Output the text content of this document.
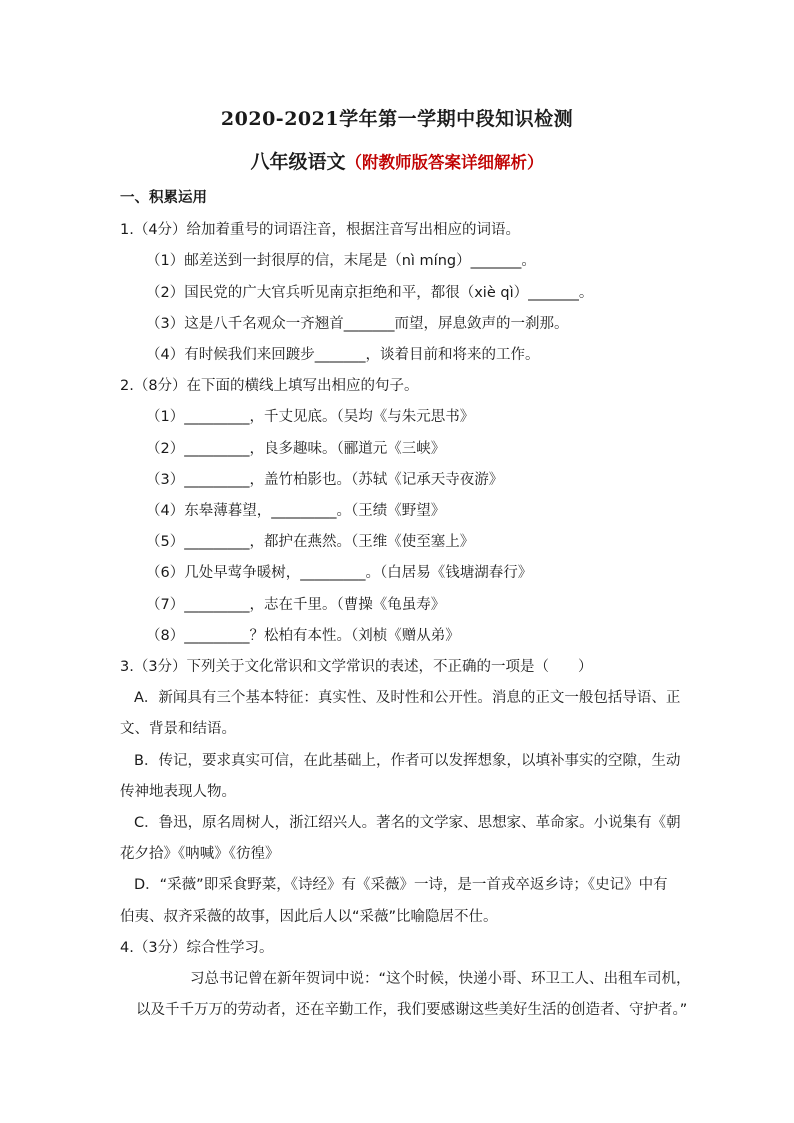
2020-2021学年第一学期中段知识检测
八年级语文（附教师版答案详细解析）
一、积累运用
1.（4分）给加着重号的词语注音，根据注音写出相应的词语。
（1）邮差送到一封很厚的信，末尾是（nì míng）_______。
（2）国民党的广大官兵听见南京拒绝和平，都很（xiè qì）_______。
（3）这是八千名观众一齐翘首_______而望，屏息敛声的一刹那。
（4）有时候我们来回踱步_______，谈着目前和将来的工作。
2.（8分）在下面的横线上填写出相应的句子。
（1）_________，千丈见底。（吴均《与朱元思书》
（2）_________，良多趣味。（郦道元《三峡》
（3）_________，盖竹柏影也。（苏轼《记承天寺夜游》
（4）东皋薄暮望，_________。（王绩《野望》
（5）_________，都护在燕然。（王维《使至塞上》
（6）几处早莺争暖树，_________。（白居易《钱塘湖春行》
（7）_________，志在千里。（曹操《龟虽寿》
（8）_________？松柏有本性。（刘桢《赠从弟》
3.（3分）下列关于文化常识和文学常识的表述，不正确的一项是（　　）
A．新闻具有三个基本特征：真实性、及时性和公开性。消息的正文一般包括导语、正
文、背景和结语。
B．传记，要求真实可信，在此基础上，作者可以发挥想象，以填补事实的空隙，生动
传神地表现人物。
C．鲁迅，原名周树人，浙江绍兴人。著名的文学家、思想家、革命家。小说集有《朝
花夕拾》《呐喊》《彷徨》
D．“采薇”即采食野菜，《诗经》有《采薇》一诗，是一首戎卒返乡诗；《史记》中有
伯夷、叔齐采薇的故事，因此后人以“采薇”比喻隐居不仕。
4.（3分）综合性学习。
习总书记曾在新年贺词中说：“这个时候，快递小哥、环卫工人、出租车司机，
以及千千万万的劳动者，还在辛勤工作，我们要感谢这些美好生活的创造者、守护者。”
